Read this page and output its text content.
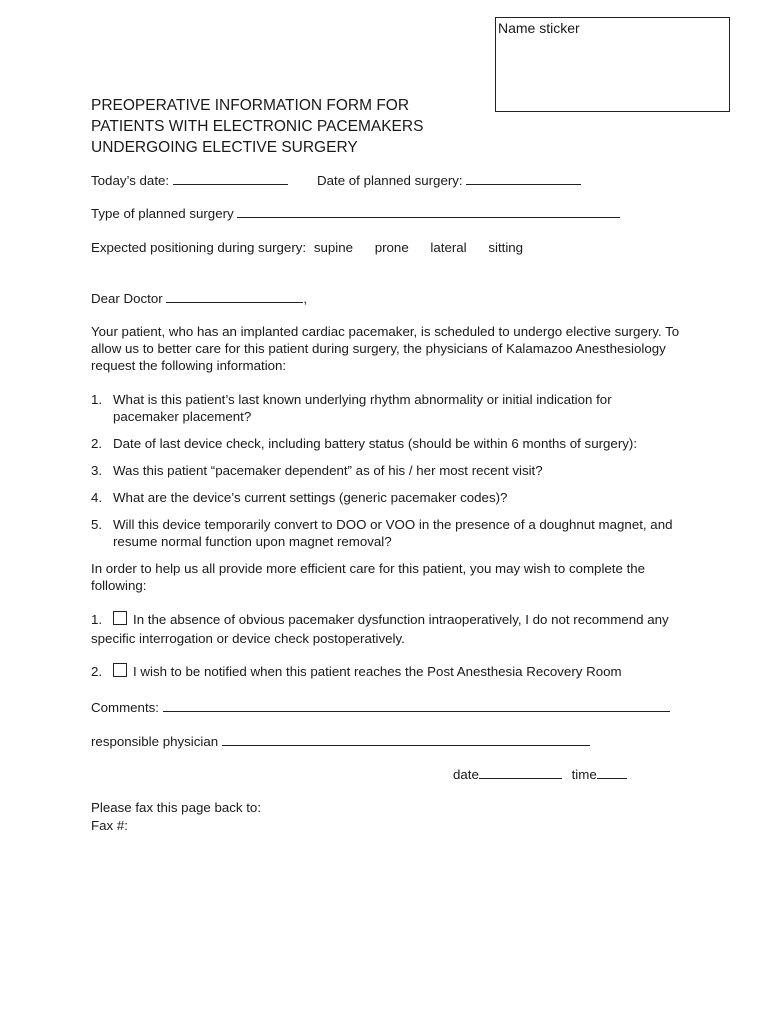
Name sticker
PREOPERATIVE INFORMATION FORM FOR
PATIENTS WITH ELECTRONIC PACEMAKERS
UNDERGOING ELECTIVE SURGERY
Today’s date:	Date of planned surgery:
Type of planned surgery
Expected positioning during surgery: supine prone lateral sitting
Dear Doctor	,
Your patient, who has an implanted cardiac pacemaker, is scheduled to undergo elective surgery. To allow us to better care for this patient during surgery, the physicians of Kalamazoo Anesthesiology request the following information:
1. What is this patient’s last known underlying rhythm abnormality or initial indication for pacemaker placement?
2. Date of last device check, including battery status (should be within 6 months of surgery):
3. Was this patient “pacemaker dependent” as of his / her most recent visit?
4. What are the device’s current settings (generic pacemaker codes)?
5. Will this device temporarily convert to DOO or VOO in the presence of a doughnut magnet, and resume normal function upon magnet removal?
In order to help us all provide more efficient care for this patient, you may wish to complete the following:
1.	In the absence of obvious pacemaker dysfunction intraoperatively, I do not recommend any specific interrogation or device check postoperatively.
2.	I wish to be notified when this patient reaches the Post Anesthesia Recovery Room
Comments:
responsible physician
date	time
Please fax this page back to:
Fax #:
